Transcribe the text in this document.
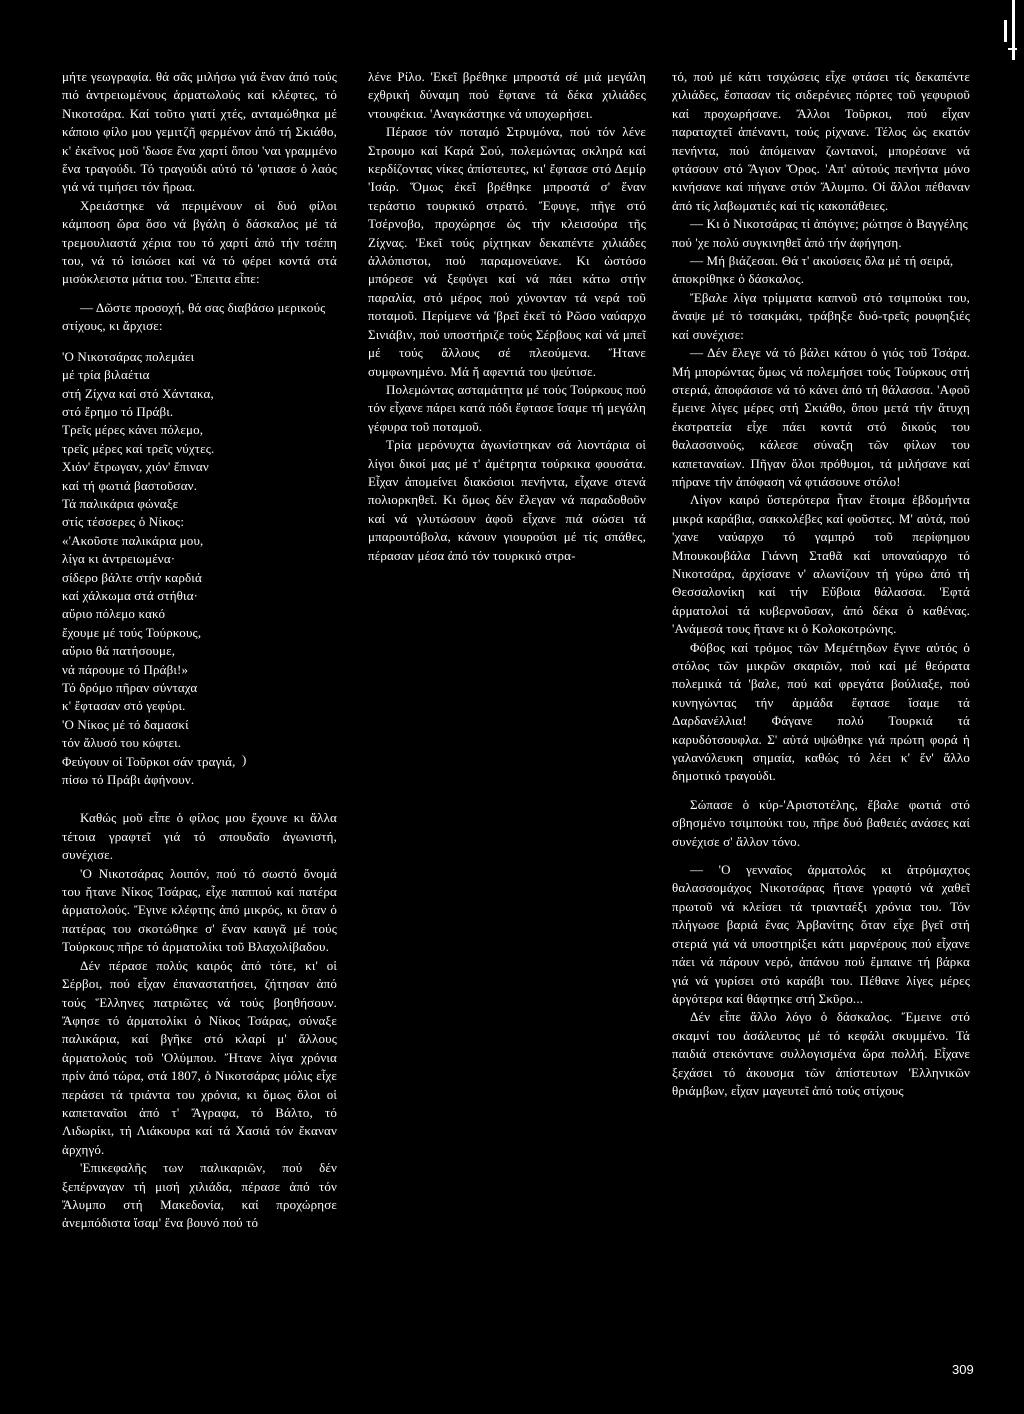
μήτε γεωγραφία. θά σᾶς μιλήσω γιά ἕναν ἀπό τούς πιό ἀντρειωμένους ἁρματωλούς καί κλέφτες, τό Νικοτσάρα. Καί τοῦτο γιατί χτές, ανταμώθηκα μέ κάποιο φίλο μου γεμιτζῆ φερμένον ἀπό τή Σκιάθο, κ' ἐκεῖνος μοῦ 'δωσε ἕνα χαρτί ὅπου 'ναι γραμμένο ἕνα τραγούδι. Τό τραγούδι αὐτό τό 'φτιασε ὁ λαός γιά νά τιμήσει τόν ἥρωα.

Χρειάστηκε νά περιμένουν οἱ δυό φίλοι κάμποση ὥρα ὅσο νά βγάλη ὁ δάσκαλος μέ τά τρεμουλιαστά χέρια του τό χαρτί ἀπό τήν τσέπη του, νά τό ἰσιώσει καί νά τό φέρει κοντά στά μισόκλειστα μάτια του. Ἔπειτα εἶπε:

— Δῶστε προσοχή, θά σας διαβάσω μερικούς στίχους, κι ἄρχισε:

'Ο Νικοτσάρας πολεμάει
μέ τρία βιλαέτια
στή Ζίχνα καί στό Χάντακα,
στό ἔρημο τό Πράβι.
Τρεῖς μέρες κάνει πόλεμο,
τρεῖς μέρες καί τρεῖς νύχτες.
Χιόν' ἔτρωγαν, χιόν' ἔπιναν
καί τή φωτιά βαστοῦσαν.
Τά παλικάρια φώναξε
στίς τέσσερες ὁ Νίκος:
«'Ακοῦστε παλικάρια μου,
λίγα κι ἀντρειωμένα·
σίδερο βάλτε στήν καρδιά
καί χάλκωμα στά στήθια·
αὔριο πόλεμο κακό
ἔχουμε μέ τούς Τούρκους,
αὔριο θά πατήσουμε,
νά πάρουμε τό Πράβι!»
Τό δρόμο πῆραν σύνταχα
κ' ἔφτασαν στό γεφύρι.
'Ο Νίκος μέ τό δαμασκί
τόν ἄλυσό του κόφτει.
Φεύγουν οἱ Τοῦρκοι σάν τραγιά,
πίσω τό Πράβι ἀφήνουν.

Καθώς μοῦ εἶπε ὁ φίλος μου ἔχουνε κι ἄλλα τέτοια γραφτεῖ γιά τό σπουδαῖο ἀγωνιστή, συνέχισε.

'Ο Νικοτσάρας λοιπόν, πού τό σωστό ὄνομά του ἤτανε Νίκος Τσάρας, εἶχε παππού καί πατέρα ἁρματολούς. Ἔγινε κλέφτης ἀπό μικρός, κι ὅταν ὁ πατέρας του σκοτώθηκε σ' ἕναν καυγᾶ μέ τούς Τούρκους πῆρε τό ἁρματολίκι τοῦ Βλαχολίβαδου.

Δέν πέρασε πολύς καιρός ἀπό τότε, κι' οἱ Σέρβοι, πού εἶχαν ἐπαναστατήσει, ζήτησαν ἀπό τούς Ἕλληνες πατριῶτες νά τούς βοηθήσουν. Ἄφησε τό ἁρματολίκι ὁ Νίκος Τσάρας, σύναξε παλικάρια, καί βγῆκε στό κλαρί μ' ἄλλους ἁρματολούς τοῦ 'Ολύμπου. Ἤτανε λίγα χρόνια πρίν ἀπό τώρα, στά 1807, ὁ Νικοτσάρας μόλις εἶχε περάσει τά τριάντα του χρόνια, κι ὅμως ὅλοι οἱ καπεταναῖοι ἀπό τ' Ἄγραφα, τό Βάλτο, τό Λιδωρίκι, τή Λιάκουρα καί τά Χασιά τόν ἔκαναν ἀρχηγό.

'Επικεφαλῆς των παλικαριῶν, πού δέν ξεπέρναγαν τή μισή χιλιάδα, πέρασε ἀπό τόν Ἄλυμπο στή Μακεδονία, καί προχώρησε ἀνεμπόδιστα ἴσαμ' ἕνα βουνό πού τό

)

λένε Ρίλο. 'Εκεῖ βρέθηκε μπροστά σέ μιά μεγάλη εχθρική δύναμη πού ἔφτανε τά δέκα χιλιάδες ντουφέκια. 'Αναγκάστηκε νά υποχωρήσει.

Πέρασε τόν ποταμό Στρυμόνα, πού τόν λένε Στρουμο καί Καρά Σού, πολεμώντας σκληρά καί κερδίζοντας νίκες ἀπίστευτες, κι' ἔφτασε στό Δεμίρ 'Ισάρ. Ὅμως ἐκεῖ βρέθηκε μπροστά σ' ἕναν τεράστιο τουρκικό στρατό. Ἔφυγε, πῆγε στό Τσέρνοβο, προχώρησε ὡς τήν κλεισούρα τῆς Ζίχνας. 'Εκεῖ τούς ρίχτηκαν δεκαπέντε χιλιάδες ἀλλόπιστοι, πού παραμονεύανε. Κι ὡστόσο μπόρεσε νά ξεφύγει καί νά πάει κάτω στήν παραλία, στό μέρος πού χύνονταν τά νερά τοῦ ποταμοῦ. Περίμενε νά 'βρεῖ ἐκεῖ τό Ρῶσο ναύαρχο Σινιάβιν, πού υποστήριζε τούς Σέρβους καί νά μπεῖ μέ τούς ἄλλους σέ πλεούμενα. Ἤτανε συμφωνημένο. Μά ἤ αφεντιά του ψεύτισε.

Πολεμώντας ασταμάτητα μέ τούς Τούρκους πού τόν εἶχανε πάρει κατά πόδι ἔφτασε ἴσαμε τή μεγάλη γέφυρα τοῦ ποταμοῦ.

Τρία μερόνυχτα ἀγωνίστηκαν σά λιοντάρια οἱ λίγοι δικοί μας μέ τ' ἀμέτρητα τούρκικα φουσάτα. Εἶχαν ἀπομείνει διακόσιοι πενήντα, εἶχανε στενά πολιορκηθεῖ. Κι ὅμως δέν ἔλεγαν νά παραδοθοῦν καί νά γλυτώσουν ἀφοῦ εἶχανε πιά σώσει τά μπαρουτόβολα, κάνουν γιουρούσι μέ τίς σπάθες, πέρασαν μέσα ἀπό τόν τουρκικό στρα-

τό, πού μέ κάτι τσιχώσεις εἶχε φτάσει τίς δεκαπέντε χιλιάδες, ἔσπασαν τίς σιδερένιες πόρτες τοῦ γεφυριοῦ καί προχωρήσανε. Ἄλλοι Τοῦρκοι, πού εἶχαν παραταχτεῖ ἀπέναντι, τούς ρίχνανε. Τέλος ὡς εκατόν πενήντα, πού ἀπόμειναν ζωντανοί, μπορέσανε νά φτάσουν στό Ἅγιον Ὄρος. 'Απ' αὐτούς πενήντα μόνο κινήσανε καί πήγανε στόν Ἄλυμπο. Οἱ ἄλλοι πέθαναν ἀπό τίς λαβωματιές καί τίς κακοπάθειες.

— Κι ὁ Νικοτσάρας τί ἀπόγινε; ρώτησε ὁ Βαγγέλης πού 'χε πολύ συγκινηθεῖ ἀπό τήν ἀφήγηση.

— Μή βιάζεσαι. Θά τ' ακούσεις ὅλα μέ τή σειρά, ἀποκρίθηκε ὁ δάσκαλος.

Ἔβαλε λίγα τρίμματα καπνοῦ στό τσιμπούκι του, ἄναψε μέ τό τσακμάκι, τράβηξε δυό-τρεῖς ρουφηξιές καί συνέχισε:

— Δέν ἔλεγε νά τό βάλει κάτου ὁ γιός τοῦ Τσάρα. Μή μπορώντας ὅμως νά πολεμήσει τούς Τούρκους στή στεριά, ἀποφάσισε νά τό κάνει ἀπό τή θάλασσα. 'Αφοῦ ἔμεινε λίγες μέρες στή Σκιάθο, ὅπου μετά τήν ἄτυχη ἐκστρατεία εἶχε πάει κοντά στό δικούς του θαλασσινούς, κάλεσε σύναξη τῶν φίλων του καπεταναίων. Πῆγαν ὅλοι πρόθυμοι, τά μιλήσανε καί πήρανε τήν ἀπόφαση νά φτιάσουνε στόλο!

Λίγον καιρό ὕστερότερα ἦταν ἕτοιμα ἑβδομήντα μικρά καράβια, σακκολέβες καί φοῦστες. Μ' αὐτά, πού 'χανε ναύαρχο τό γαμπρό τοῦ περίφημου Μπουκουβάλα Γιάννη Σταθᾶ καί υποναύαρχο τό Νικοτσάρα, ἀρχίσανε ν' αλωνίζουν τή γύρω ἀπό τή Θεσσαλονίκη καί τήν Εὔβοια θάλασσα. 'Εφτά ἁρματολοί τά κυβερνοῦσαν, ἀπό δέκα ὁ καθένας. 'Ανάμεσά τους ἤτανε κι ὁ Κολοκοτρώνης.

Φόβος καί τρόμος τῶν Μεμέτηδων ἔγινε αὐτός ὁ στόλος τῶν μικρῶν σκαριῶν, πού καί μέ θεόρατα πολεμικά τά 'βαλε, πού καί φρεγάτα βούλιαξε, πού κυνηγώντας τήν ἀρμάδα ἔφτασε ἴσαμε τά Δαρδανέλλια! Φάγανε πολύ Τουρκιά τά καρυδότσουφλα. Σ' αὐτά υψώθηκε γιά πρώτη φορά ἡ γαλανόλευκη σημαία, καθώς τό λέει κ' ἕν' ἄλλο δημοτικό τραγούδι.

Σώπασε ὁ κύρ-'Αριστοτέλης, ἔβαλε φωτιά στό σβησμένο τσιμπούκι του, πῆρε δυό βαθειές ανάσες καί συνέχισε σ' ἄλλον τόνο.

— 'Ο γενναῖος ἁρματολός κι ἀτρόμαχτος θαλασσομάχος Νικοτσάρας ἤτανε γραφτό νά χαθεῖ πρωτοῦ νά κλείσει τά τριανταέξι χρόνια του. Τόν πλήγωσε βαριά ἕνας Ἀρβανίτης ὅταν εἶχε βγεῖ στή στεριά γιά νά υποστηρίξει κάτι μαρνέρους πού εἶχανε πάει νά πάρουν νερό, ἀπάνου πού ἔμπαινε τή βάρκα γιά νά γυρίσει στό καράβι του. Πέθανε λίγες μέρες ἀργότερα καί θάφτηκε στή Σκῦρο...

Δέν εἶπε ἄλλο λόγο ὁ δάσκαλος. Ἔμεινε στό σκαμνί του ἀσάλευτος μέ τό κεφάλι σκυμμένο. Τά παιδιά στεκόντανε συλλογισμένα ὥρα πολλή. Εἶχανε ξεχάσει τό ἀκουσμα τῶν ἀπίστευτων 'Ελληνικῶν θριάμβων, εἶχαν μαγευτεῖ ἀπό τούς στίχους

309
